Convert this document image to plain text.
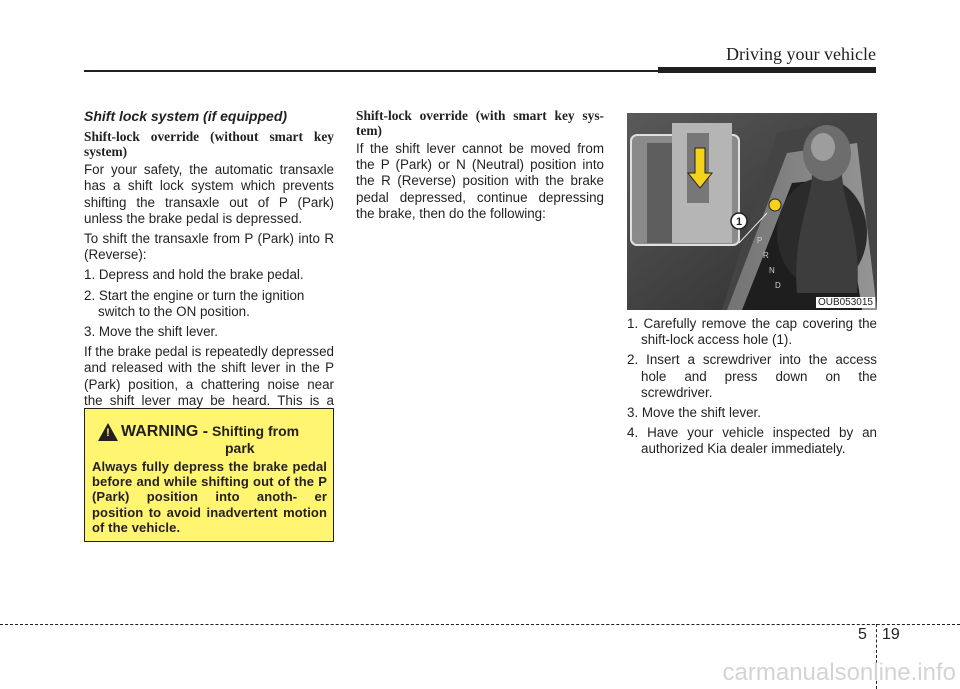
Driving your vehicle
Shift lock system (if equipped)
Shift-lock override (without smart key system)

For your safety, the automatic transaxle has a shift lock system which prevents shifting the transaxle out of P (Park) unless the brake pedal is depressed.

To shift the transaxle from P (Park) into R (Reverse):

1. Depress and hold the brake pedal.
2. Start the engine or turn the ignition switch to the ON position.
3. Move the shift lever.

If the brake pedal is repeatedly depressed and released with the shift lever in the P (Park) position, a chattering noise near the shift lever may be heard. This is a

! WARNING - Shifting from
park
Always fully depress the brake pedal before and while shifting out of the P (Park) position into anoth- er position to avoid inadvertent motion of the vehicle.
Shift-lock override (with smart key sys- tem)

If the shift lever cannot be moved from the P (Park) or N (Neutral) position into the R (Reverse) position with the brake pedal depressed, continue depressing the brake, then do the following:

P
R
N
D
1
OUB053015
1. Carefully remove the cap covering the shift-lock access hole (1).
2. Insert a screwdriver into the access hole and press down on the screwdriver.
3. Move the shift lever.
4. Have your vehicle inspected by an authorized Kia dealer immediately.
5 19
carmanualsonline.info
